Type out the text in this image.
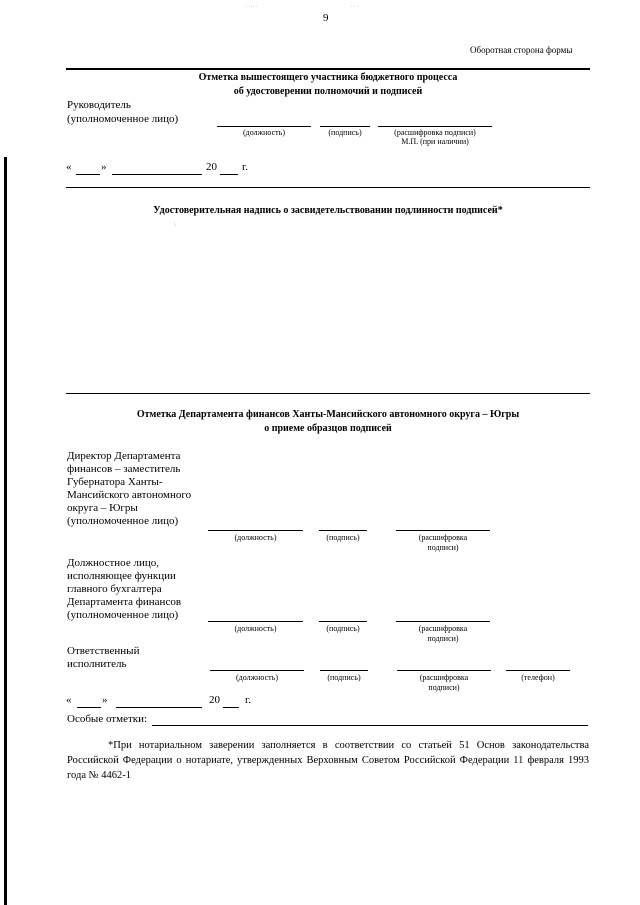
9
Оборотная сторона формы
Отметка вышестоящего участника бюджетного процесса
об удостоверении полномочий и подписей
Руководитель
(уполномоченное лицо)
(должность)	(подпись)	(расшифровка подписи)
М.П. (при наличии)
«	»	20 г.
Удостоверительная надпись о засвидетельствовании подлинности подписей*
Отметка Департамента финансов Ханты-Мансийского автономного округа – Югры
о приеме образцов подписей
Директор Департамента
финансов – заместитель
Губернатора Ханты-
Мансийского автономного
округа – Югры
(уполномоченное лицо)
(должность)	(подпись)	(расшифровка
подписи)
Должностное лицо,
исполняющее функции
главного бухгалтера
Департамента финансов
(уполномоченное лицо)
(должность)	(подпись)	(расшифровка
подписи)
Ответственный
исполнитель
(должность)	(подпись)	(расшифровка
подписи)
(телефон)
«	»	20 г.
Особые отметки:
*При нотариальном заверении заполняется в соответствии со статьей 51 Основ законодательства Российской Федерации о нотариате, утвержденных Верховным Советом Российской Федерации 11 февраля 1993 года № 4462-1
· ··· ·	· · ·
\
